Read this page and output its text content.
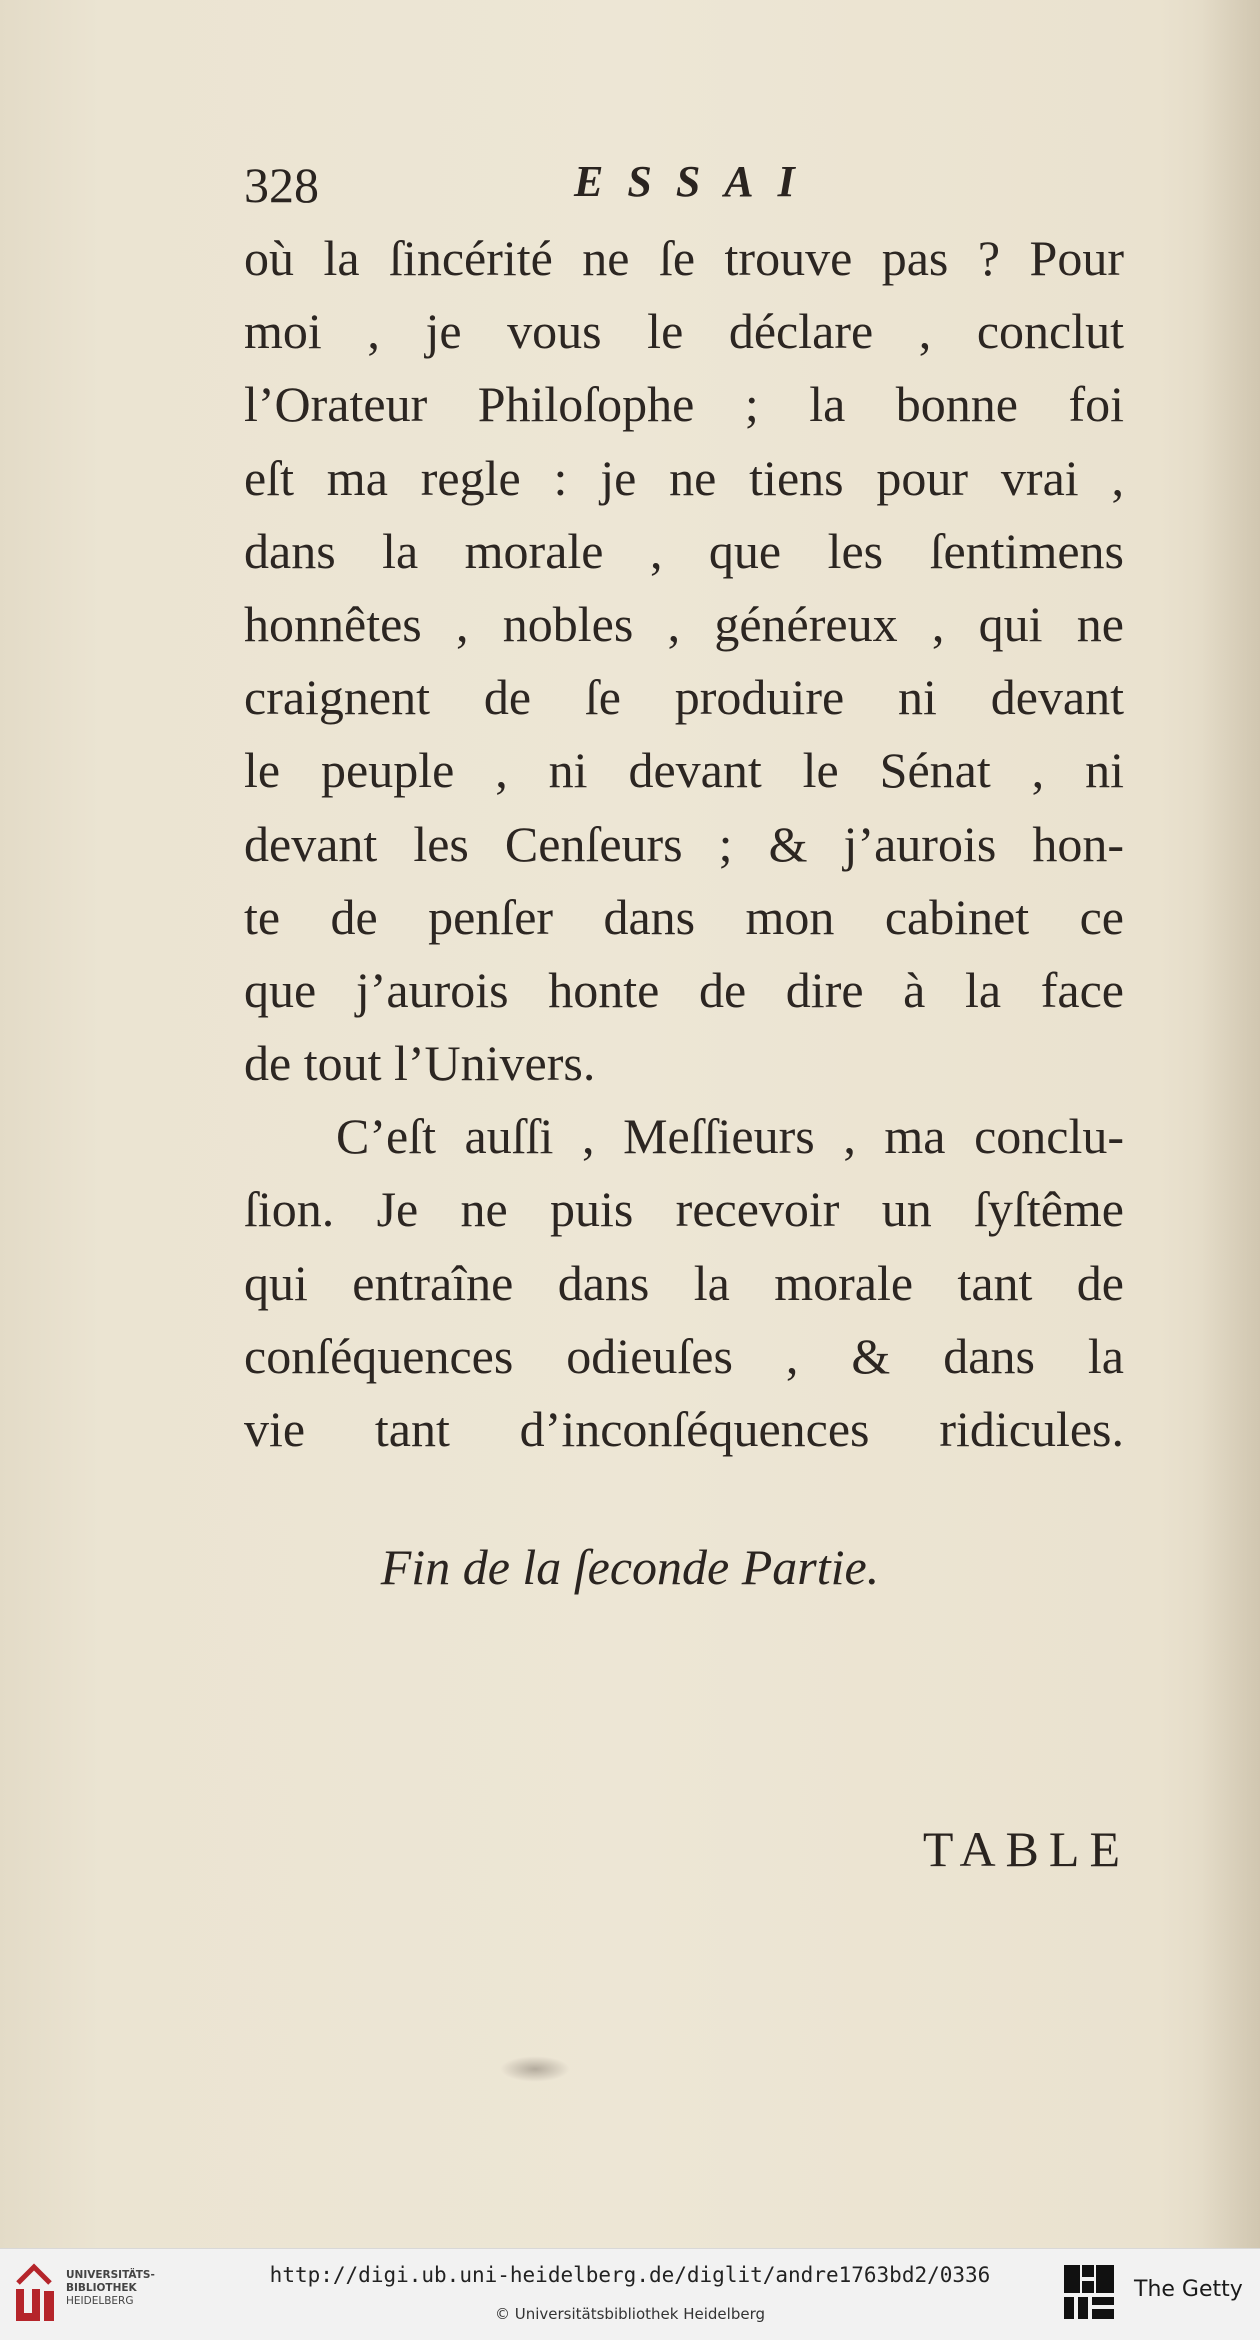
328	ESSAI
où la ſincérité ne ſe trouve pas ? Pour
moi , je vous le déclare , conclut
l’Orateur Philoſophe ; la bonne foi
eſt ma regle : je ne tiens pour vrai ,
dans la morale , que les ſentimens
honnêtes , nobles , généreux , qui ne
craignent de ſe produire ni devant
le peuple , ni devant le Sénat , ni
devant les Cenſeurs ; & j’aurois hon-
te de penſer dans mon cabinet ce
que j’aurois honte de dire à la face
de tout l’Univers.
C’eſt auſſi , Meſſieurs , ma conclu-
ſion. Je ne puis recevoir un ſyſtême
qui entraîne dans la morale tant de
conſéquences odieuſes , & dans la
vie tant d’inconſéquences ridicules.
Fin de la ſeconde Partie.
TABLE
UNIVERSITÄTS-
BIBLIOTHEK
HEIDELBERG
http://digi.ub.uni-heidelberg.de/diglit/andre1763bd2/0336
© Universitätsbibliothek Heidelberg
The Getty
